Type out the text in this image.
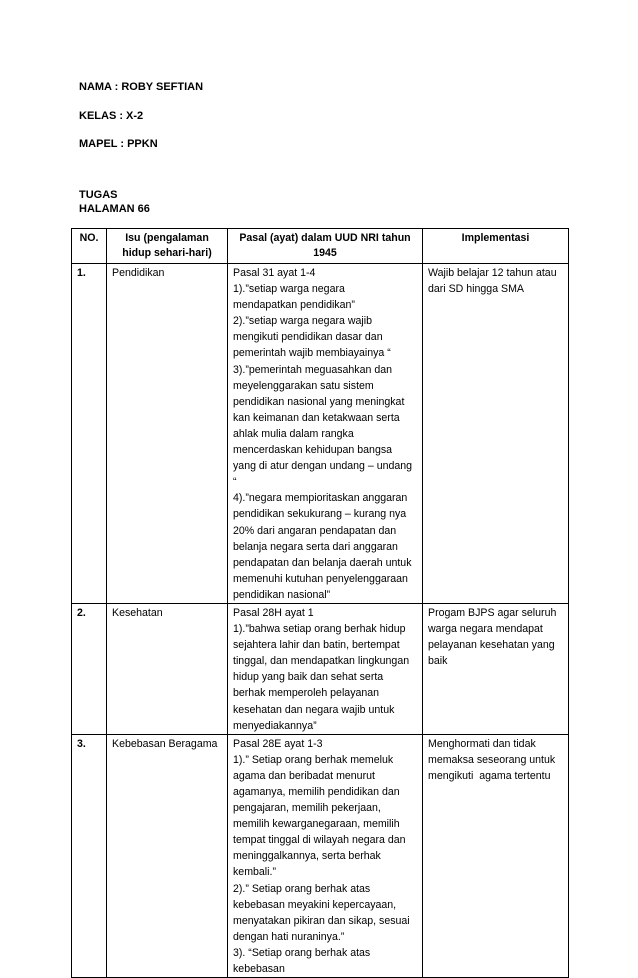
NAMA : ROBY SEFTIAN
KELAS : X-2
MAPEL : PPKN
TUGAS
HALAMAN 66
NO.	Isu (pengalaman hidup sehari-hari)	Pasal (ayat) dalam UUD NRI tahun 1945	Implementasi
1.	Pendidikan	Pasal 31 ayat 1-4
1).”setiap warga negara    mendapatkan pendidikan”
2).”setiap warga negara wajib mengikuti pendidikan dasar dan pemerintah wajib membiayainya “
3).”pemerintah meguasahkan dan meyelenggarakan satu sistem pendidikan nasional yang meningkat kan keimanan dan ketakwaan serta ahlak mulia dalam rangka mencerdaskan kehidupan bangsa yang di atur dengan undang – undang “
4).”negara mempioritaskan anggaran pendidikan sekukurang – kurang nya 20% dari angaran pendapatan dan belanja negara serta dari anggaran pendapatan dan belanja daerah untuk memenuhi kutuhan penyelenggaraan pendidikan nasional”	Wajib belajar 12 tahun atau dari SD hingga SMA
2.	Kesehatan	Pasal 28H ayat 1
1).”bahwa setiap orang berhak hidup sejahtera lahir dan batin, bertempat tinggal, dan mendapatkan lingkungan hidup yang baik dan sehat serta berhak memperoleh pelayanan kesehatan dan negara wajib untuk menyediakannya”	Progam BJPS agar seluruh warga negara mendapat pelayanan kesehatan yang baik
3.	Kebebasan Beragama	Pasal 28E ayat 1-3
1).” Setiap orang berhak memeluk agama dan beribadat menurut agamanya, memilih pendidikan dan pengajaran, memilih pekerjaan, memilih kewarganegaraan, memilih tempat tinggal di wilayah negara dan meninggalkannya, serta berhak kembali.”
2).” Setiap orang berhak atas kebebasan meyakini kepercayaan, menyatakan pikiran dan sikap, sesuai dengan hati nuraninya.”
3). “Setiap orang berhak atas kebebasan	Menghormati dan tidak memaksa seseorang untuk mengikuti  agama tertentu
